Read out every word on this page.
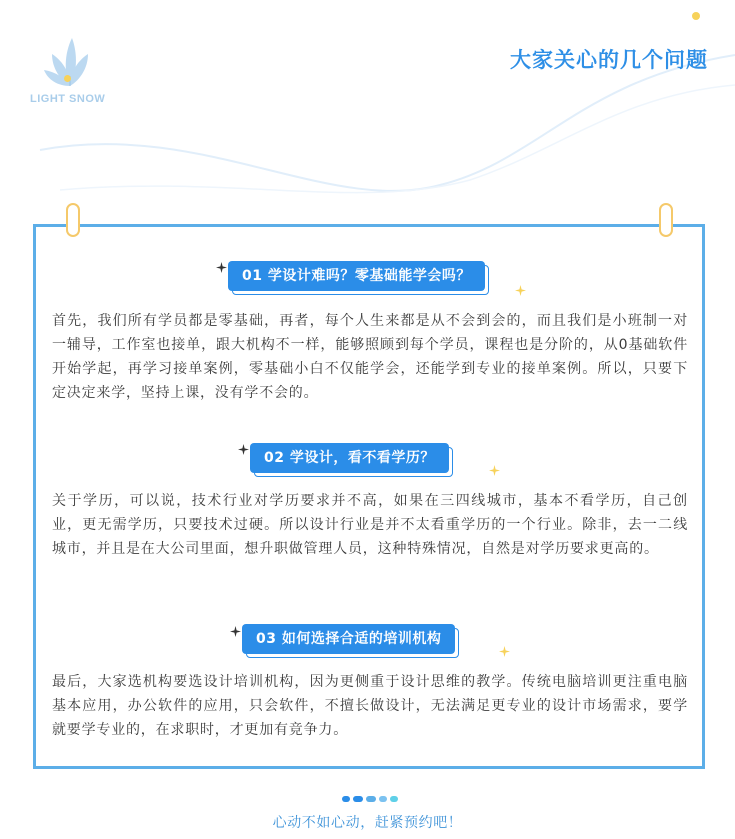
LIGHT SNOW
大家关心的几个问题
01 学设计难吗？零基础能学会吗？
首先，我们所有学员都是零基础，再者，每个人生来都是从不会到会的，而且我们是小班制一对一辅导，工作室也接单，跟大机构不一样，能够照顾到每个学员，课程也是分阶的，从0基础软件开始学起，再学习接单案例，零基础小白不仅能学会，还能学到专业的接单案例。所以，只要下定决定来学，坚持上课，没有学不会的。
02 学设计，看不看学历？
关于学历，可以说，技术行业对学历要求并不高，如果在三四线城市，基本不看学历，自己创业，更无需学历，只要技术过硬。所以设计行业是并不太看重学历的一个行业。除非，去一二线城市，并且是在大公司里面，想升职做管理人员，这种特殊情况，自然是对学历要求更高的。
03 如何选择合适的培训机构
最后，大家选机构要选设计培训机构，因为更侧重于设计思维的教学。传统电脑培训更注重电脑基本应用，办公软件的应用，只会软件，不擅长做设计，无法满足更专业的设计市场需求，要学就要学专业的，在求职时，才更加有竞争力。
心动不如心动，赶紧预约吧！
